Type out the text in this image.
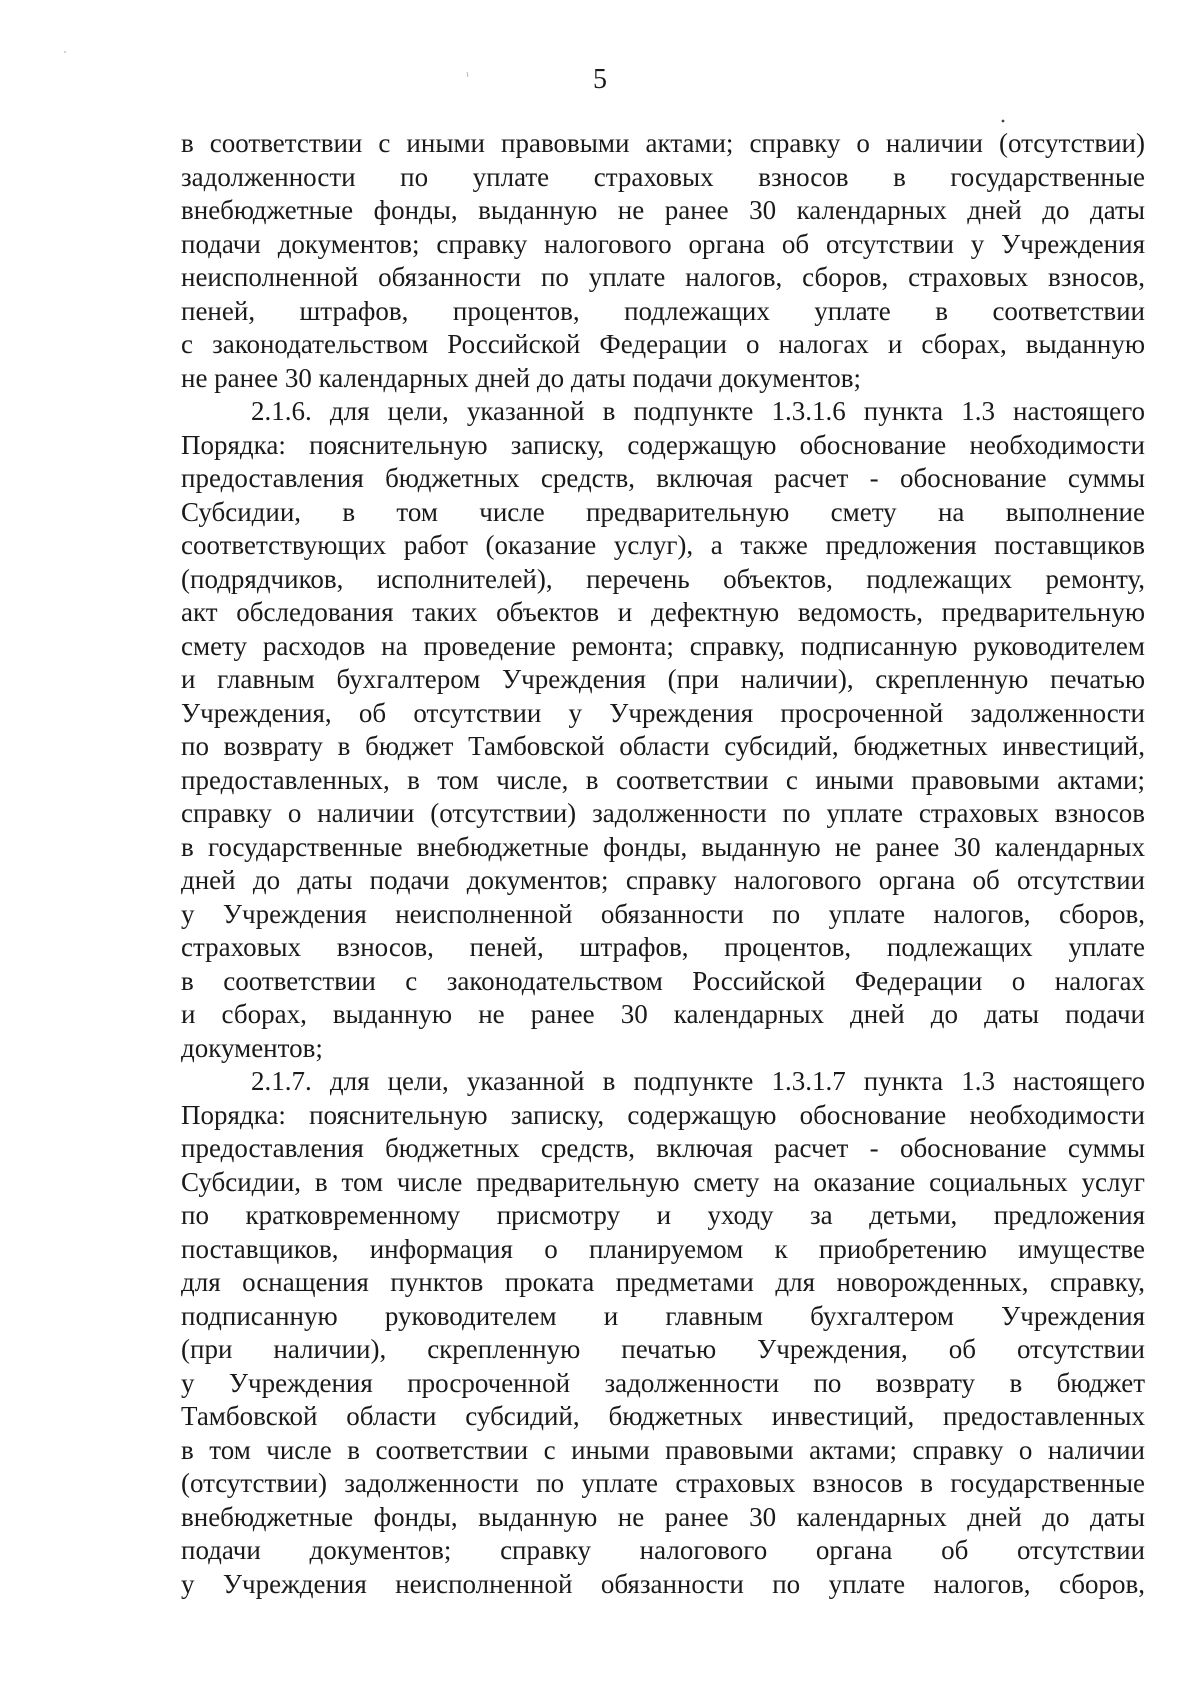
5
в соответствии с иными правовыми актами; справку о наличии (отсутствии)
задолженности по уплате страховых взносов в государственные
внебюджетные фонды, выданную не ранее 30 календарных дней до даты
подачи документов; справку налогового органа об отсутствии у Учреждения
неисполненной обязанности по уплате налогов, сборов, страховых взносов,
пеней, штрафов, процентов, подлежащих уплате в соответствии
с законодательством Российской Федерации о налогах и сборах, выданную
не ранее 30 календарных дней до даты подачи документов;
2.1.6. для цели, указанной в подпункте 1.3.1.6 пункта 1.3 настоящего
Порядка: пояснительную записку, содержащую обоснование необходимости
предоставления бюджетных средств, включая расчет - обоснование суммы
Субсидии, в том числе предварительную смету на выполнение
соответствующих работ (оказание услуг), а также предложения поставщиков
(подрядчиков, исполнителей), перечень объектов, подлежащих ремонту,
акт обследования таких объектов и дефектную ведомость, предварительную
смету расходов на проведение ремонта; справку, подписанную руководителем
и главным бухгалтером Учреждения (при наличии), скрепленную печатью
Учреждения, об отсутствии у Учреждения просроченной задолженности
по возврату в бюджет Тамбовской области субсидий, бюджетных инвестиций,
предоставленных, в том числе, в соответствии с иными правовыми актами;
справку о наличии (отсутствии) задолженности по уплате страховых взносов
в государственные внебюджетные фонды, выданную не ранее 30 календарных
дней до даты подачи документов; справку налогового органа об отсутствии
у Учреждения неисполненной обязанности по уплате налогов, сборов,
страховых взносов, пеней, штрафов, процентов, подлежащих уплате
в соответствии с законодательством Российской Федерации о налогах
и сборах, выданную не ранее 30 календарных дней до даты подачи
документов;
2.1.7. для цели, указанной в подпункте 1.3.1.7 пункта 1.3 настоящего
Порядка: пояснительную записку, содержащую обоснование необходимости
предоставления бюджетных средств, включая расчет - обоснование суммы
Субсидии, в том числе предварительную смету на оказание социальных услуг
по кратковременному присмотру и уходу за детьми, предложения
поставщиков, информация о планируемом к приобретению имуществе
для оснащения пунктов проката предметами для новорожденных, справку,
подписанную руководителем и главным бухгалтером Учреждения
(при наличии), скрепленную печатью Учреждения, об отсутствии
у Учреждения просроченной задолженности по возврату в бюджет
Тамбовской области субсидий, бюджетных инвестиций, предоставленных
в том числе в соответствии с иными правовыми актами; справку о наличии
(отсутствии) задолженности по уплате страховых взносов в государственные
внебюджетные фонды, выданную не ранее 30 календарных дней до даты
подачи документов; справку налогового органа об отсутствии
у Учреждения неисполненной обязанности по уплате налогов, сборов,
